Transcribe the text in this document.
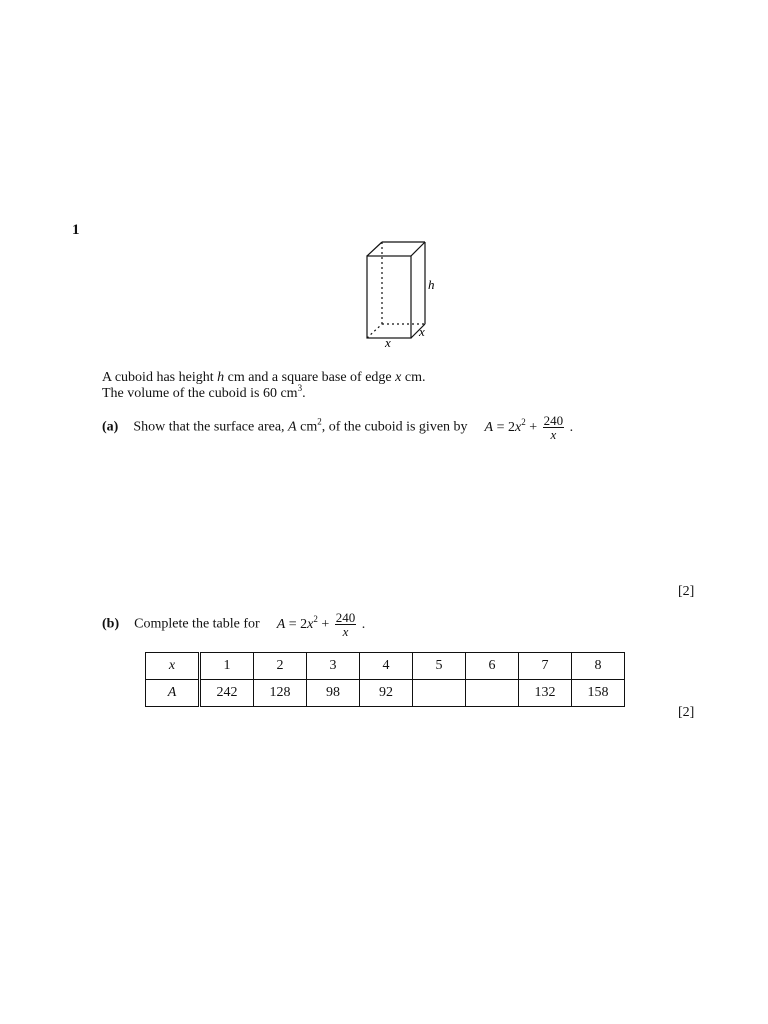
1
h
x
x
A cuboid has height h cm and a square base of edge x cm.
The volume of the cuboid is 60 $cm^3$.
(a) Show that the surface area, A $cm^2$, of the cuboid is given by $A = 2x^2 + \frac{240}{x}$ .
[2]
(b) Complete the table for $A = 2x^2 + \frac{240}{x}$ .
x	1	2	3	4	5	6	7	8
A	242	128	98	92			132	158
[2]
